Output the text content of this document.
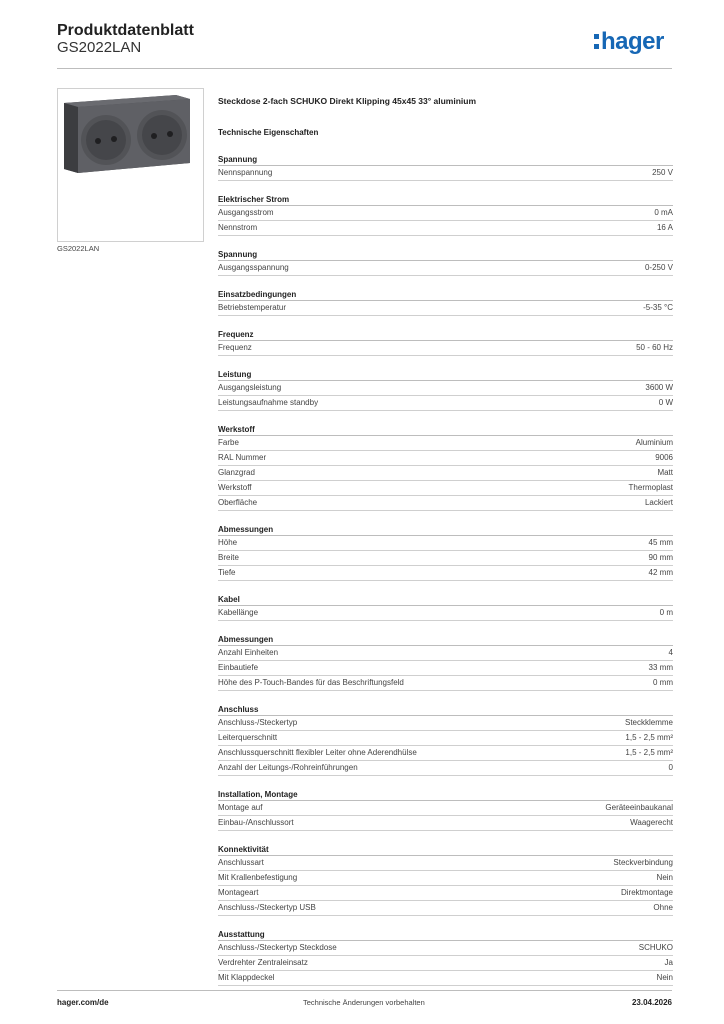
Produktdatenblatt
GS2022LAN	hager
GS2022LAN
Steckdose 2-fach SCHUKO Direkt Klipping 45x45 33° aluminium
Technische Eigenschaften
Spannung
Nennspannung	250 V
Elektrischer Strom
Ausgangsstrom	0 mA
Nennstrom	16 A
Spannung
Ausgangsspannung	0-250 V
Einsatzbedingungen
Betriebstemperatur	-5-35 °C
Frequenz
Frequenz	50 - 60 Hz
Leistung
Ausgangsleistung	3600 W
Leistungsaufnahme standby	0 W
Werkstoff
Farbe	Aluminium
RAL Nummer	9006
Glanzgrad	Matt
Werkstoff	Thermoplast
Oberfläche	Lackiert
Abmessungen
Höhe	45 mm
Breite	90 mm
Tiefe	42 mm
Kabel
Kabellänge	0 m
Abmessungen
Anzahl Einheiten	4
Einbautiefe	33 mm
Höhe des P-Touch-Bandes für das Beschriftungsfeld	0 mm
Anschluss
Anschluss-/Steckertyp	Steckklemme
Leiterquerschnitt	1,5 - 2,5 mm²
Anschlussquerschnitt flexibler Leiter ohne Aderendhülse	1,5 - 2,5 mm²
Anzahl der Leitungs-/Rohreinführungen	0
Installation, Montage
Montage auf	Geräteeinbaukanal
Einbau-/Anschlussort	Waagerecht
Konnektivität
Anschlussart	Steckverbindung
Mit Krallenbefestigung	Nein
Montageart	Direktmontage
Anschluss-/Steckertyp USB	Ohne
Ausstattung
Anschluss-/Steckertyp Steckdose	SCHUKO
Verdrehter Zentraleinsatz	Ja
Mit Klappdeckel	Nein
hager.com/de	Technische Änderungen vorbehalten	23.04.2026
